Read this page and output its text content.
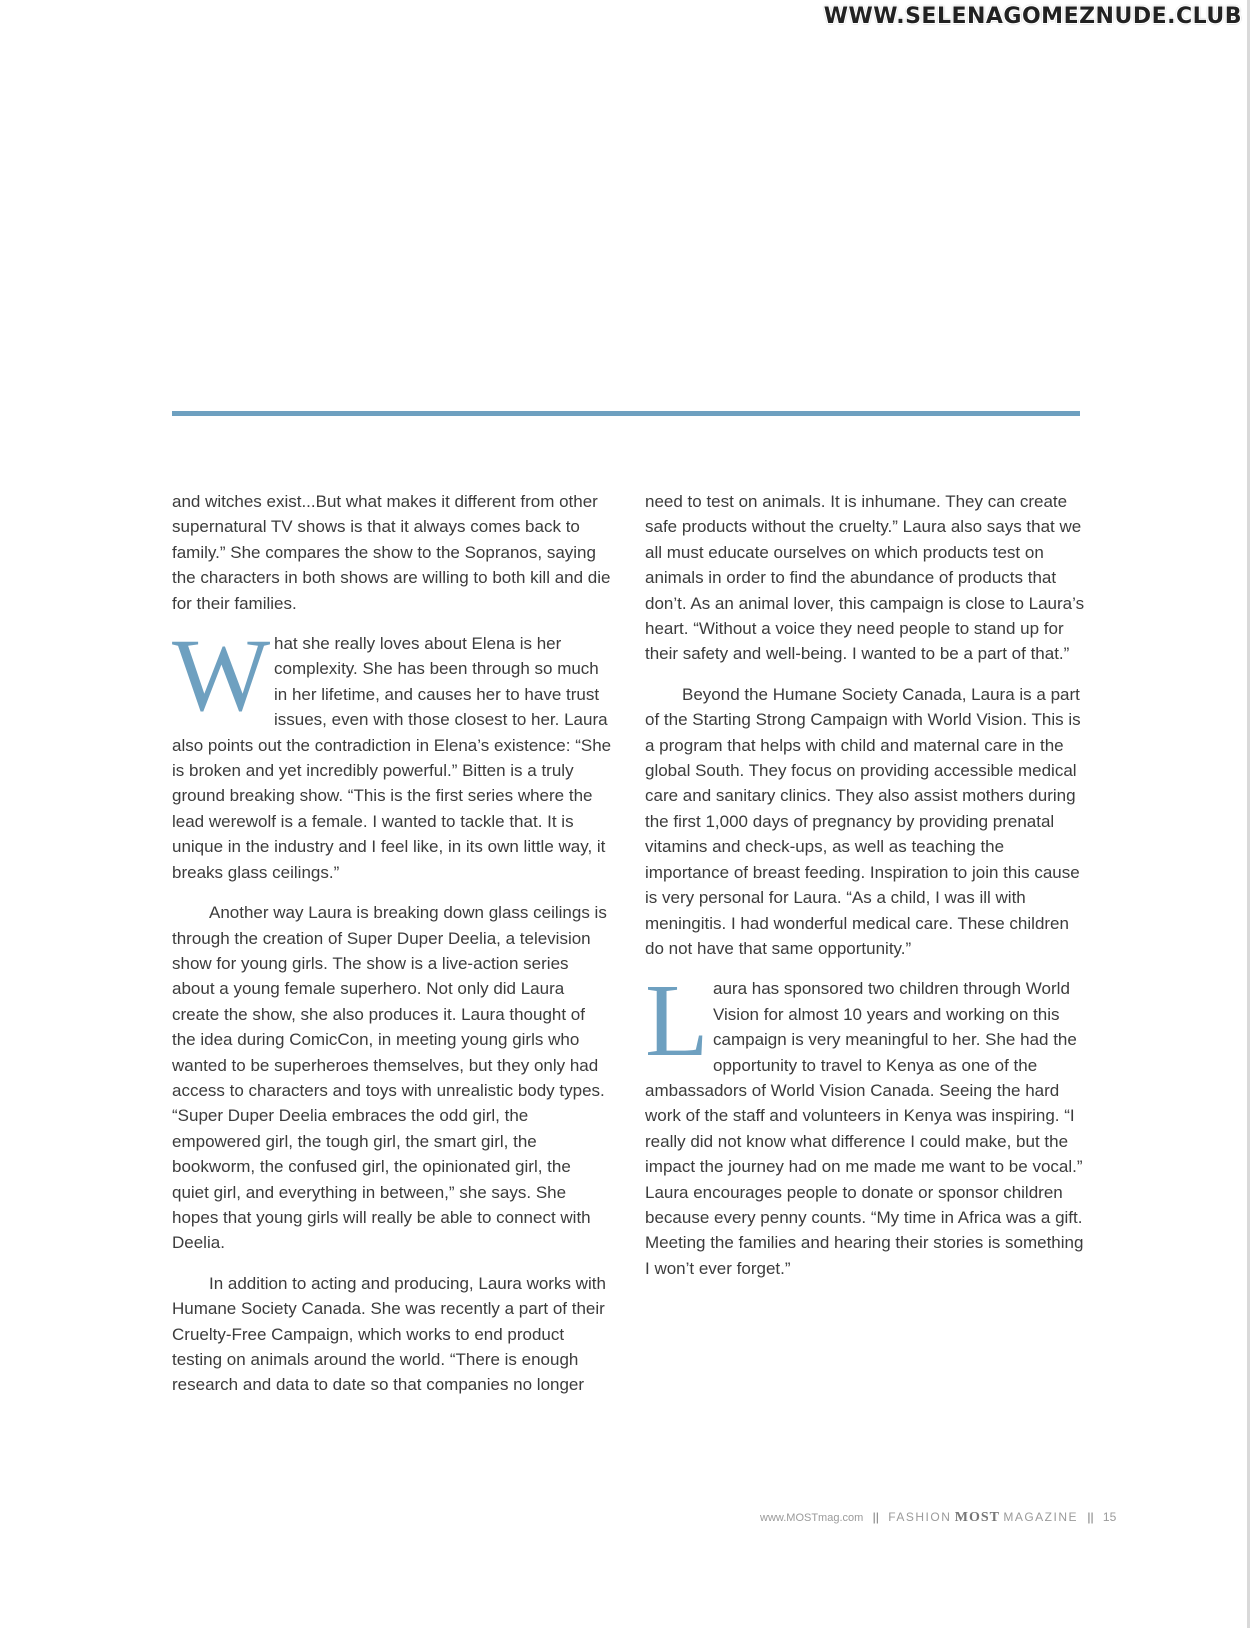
WWW.SELENAGOMEZNUDE.CLUB

and witches exist...But what makes it different from other supernatural TV shows is that it always comes back to family.” She compares the show to the Sopranos, saying the characters in both shows are willing to both kill and die for their families.

What she really loves about Elena is her complexity. She has been through so much in her lifetime, and causes her to have trust issues, even with those closest to her. Laura also points out the contradiction in Elena’s existence: “She is broken and yet incredibly powerful.” Bitten is a truly ground breaking show. “This is the first series where the lead werewolf is a female. I wanted to tackle that. It is unique in the industry and I feel like, in its own little way, it breaks glass ceilings.”

Another way Laura is breaking down glass ceilings is through the creation of Super Duper Deelia, a television show for young girls. The show is a live-action series about a young female superhero. Not only did Laura create the show, she also produces it. Laura thought of the idea during ComicCon, in meeting young girls who wanted to be superheroes themselves, but they only had access to characters and toys with unrealistic body types. “Super Duper Deelia embraces the odd girl, the empowered girl, the tough girl, the smart girl, the bookworm, the confused girl, the opinionated girl, the quiet girl, and everything in between,” she says. She hopes that young girls will really be able to connect with Deelia.

In addition to acting and producing, Laura works with Humane Society Canada. She was recently a part of their Cruelty-Free Campaign, which works to end product testing on animals around the world. “There is enough research and data to date so that companies no longer

need to test on animals. It is inhumane. They can create safe products without the cruelty.” Laura also says that we all must educate ourselves on which products test on animals in order to find the abundance of products that don’t. As an animal lover, this campaign is close to Laura’s heart. “Without a voice they need people to stand up for their safety and well-being. I wanted to be a part of that.”

Beyond the Humane Society Canada, Laura is a part of the Starting Strong Campaign with World Vision. This is a program that helps with child and maternal care in the global South. They focus on providing accessible medical care and sanitary clinics. They also assist mothers during the first 1,000 days of pregnancy by providing prenatal vitamins and check-ups, as well as teaching the importance of breast feeding. Inspiration to join this cause is very personal for Laura. “As a child, I was ill with meningitis. I had wonderful medical care. These children do not have that same opportunity.”

Laura has sponsored two children through World Vision for almost 10 years and working on this campaign is very meaningful to her. She had the opportunity to travel to Kenya as one of the ambassadors of World Vision Canada. Seeing the hard work of the staff and volunteers in Kenya was inspiring. “I really did not know what difference I could make, but the impact the journey had on me made me want to be vocal.” Laura encourages people to donate or sponsor children because every penny counts. “My time in Africa was a gift. Meeting the families and hearing their stories is something I won’t ever forget.”

www.MOSTmag.com || FASHION MOST MAGAZINE || 15
